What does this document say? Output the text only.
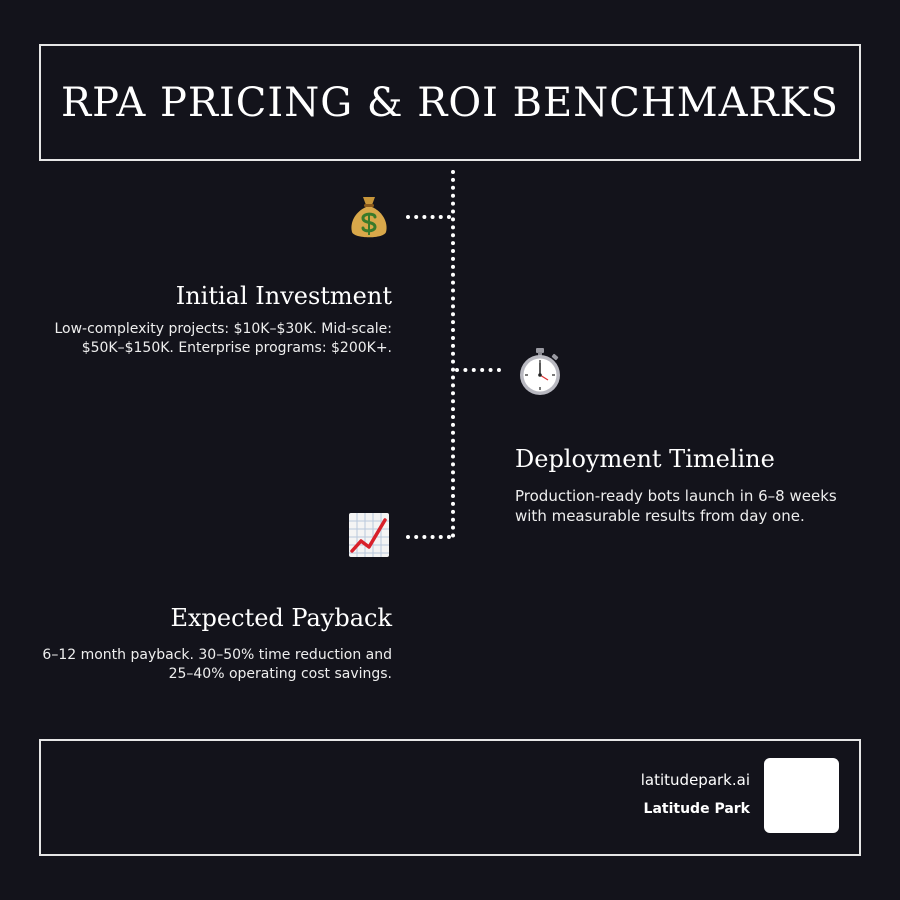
RPA PRICING & ROI BENCHMARKS
Initial Investment

Low-complexity projects: $10K–$30K. Mid-scale: $50K–$150K. Enterprise programs: $200K+.

Deployment Timeline

Production-ready bots launch in 6–8 weeks with measurable results from day one.

Expected Payback

6–12 month payback. 30–50% time reduction and 25–40% operating cost savings.

latitudepark.ai
Latitude Park
